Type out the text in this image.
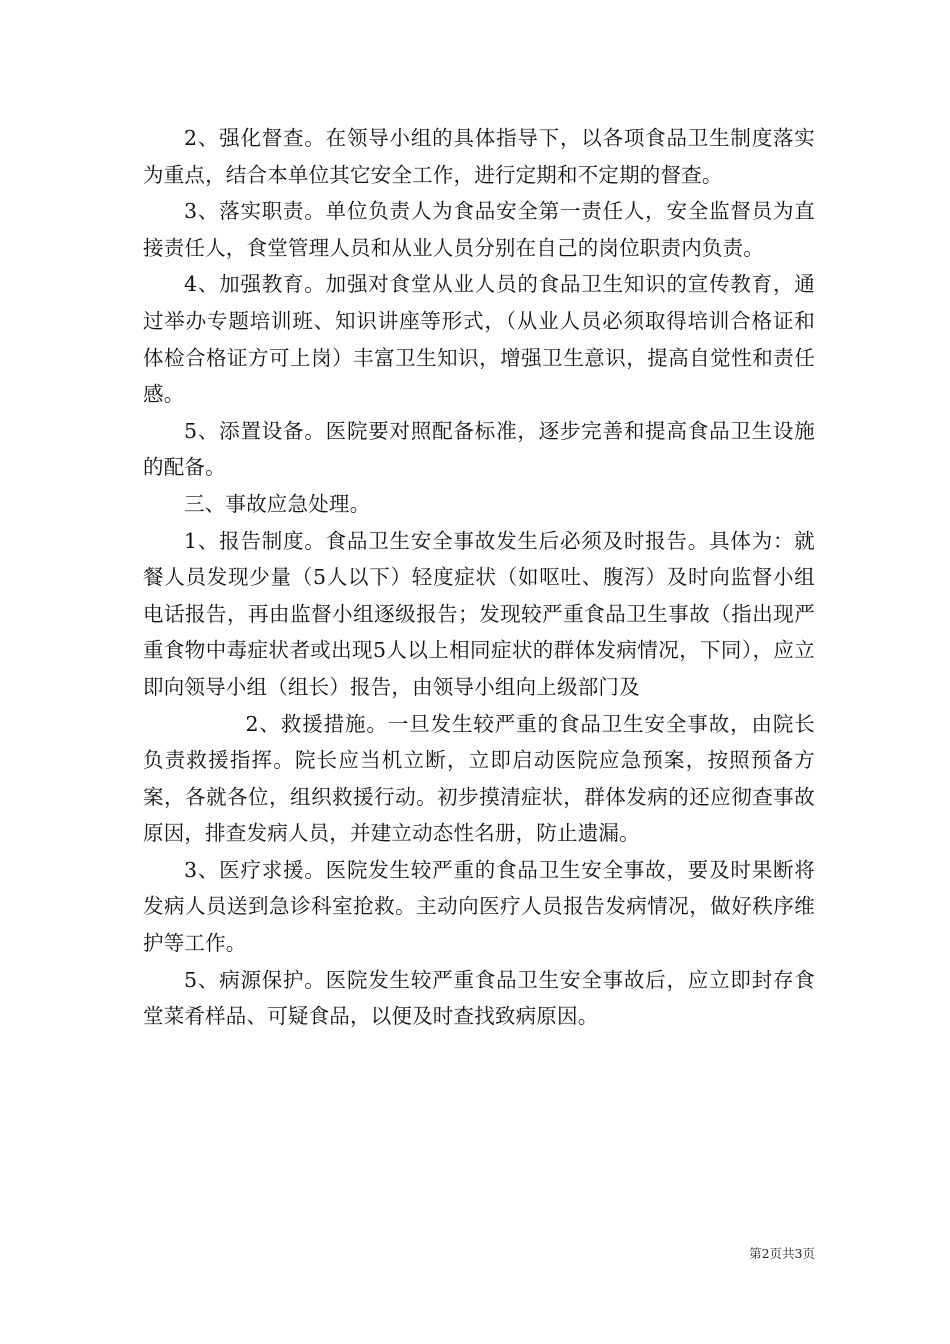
2、强化督查。在领导小组的具体指导下，以各项食品卫生制度落实为重点，结合本单位其它安全工作，进行定期和不定期的督查。

3、落实职责。单位负责人为食品安全第一责任人，安全监督员为直接责任人，食堂管理人员和从业人员分别在自己的岗位职责内负责。

4、加强教育。加强对食堂从业人员的食品卫生知识的宣传教育，通过举办专题培训班、知识讲座等形式，（从业人员必须取得培训合格证和体检合格证方可上岗）丰富卫生知识，增强卫生意识，提高自觉性和责任感。

5、添置设备。医院要对照配备标准，逐步完善和提高食品卫生设施的配备。

三、事故应急处理。

1、报告制度。食品卫生安全事故发生后必须及时报告。具体为：就餐人员发现少量（5人以下）轻度症状（如呕吐、腹泻）及时向监督小组电话报告，再由监督小组逐级报告；发现较严重食品卫生事故（指出现严重食物中毒症状者或出现5人以上相同症状的群体发病情况，下同），应立即向领导小组（组长）报告，由领导小组向上级部门及

2、救援措施。一旦发生较严重的食品卫生安全事故，由院长负责救援指挥。院长应当机立断，立即启动医院应急预案，按照预备方案，各就各位，组织救援行动。初步摸清症状，群体发病的还应彻查事故原因，排查发病人员，并建立动态性名册，防止遗漏。

3、医疗求援。医院发生较严重的食品卫生安全事故，要及时果断将发病人员送到急诊科室抢救。主动向医疗人员报告发病情况，做好秩序维护等工作。

5、病源保护。医院发生较严重食品卫生安全事故后，应立即封存食堂菜肴样品、可疑食品，以便及时查找致病原因。

第2页共3页
